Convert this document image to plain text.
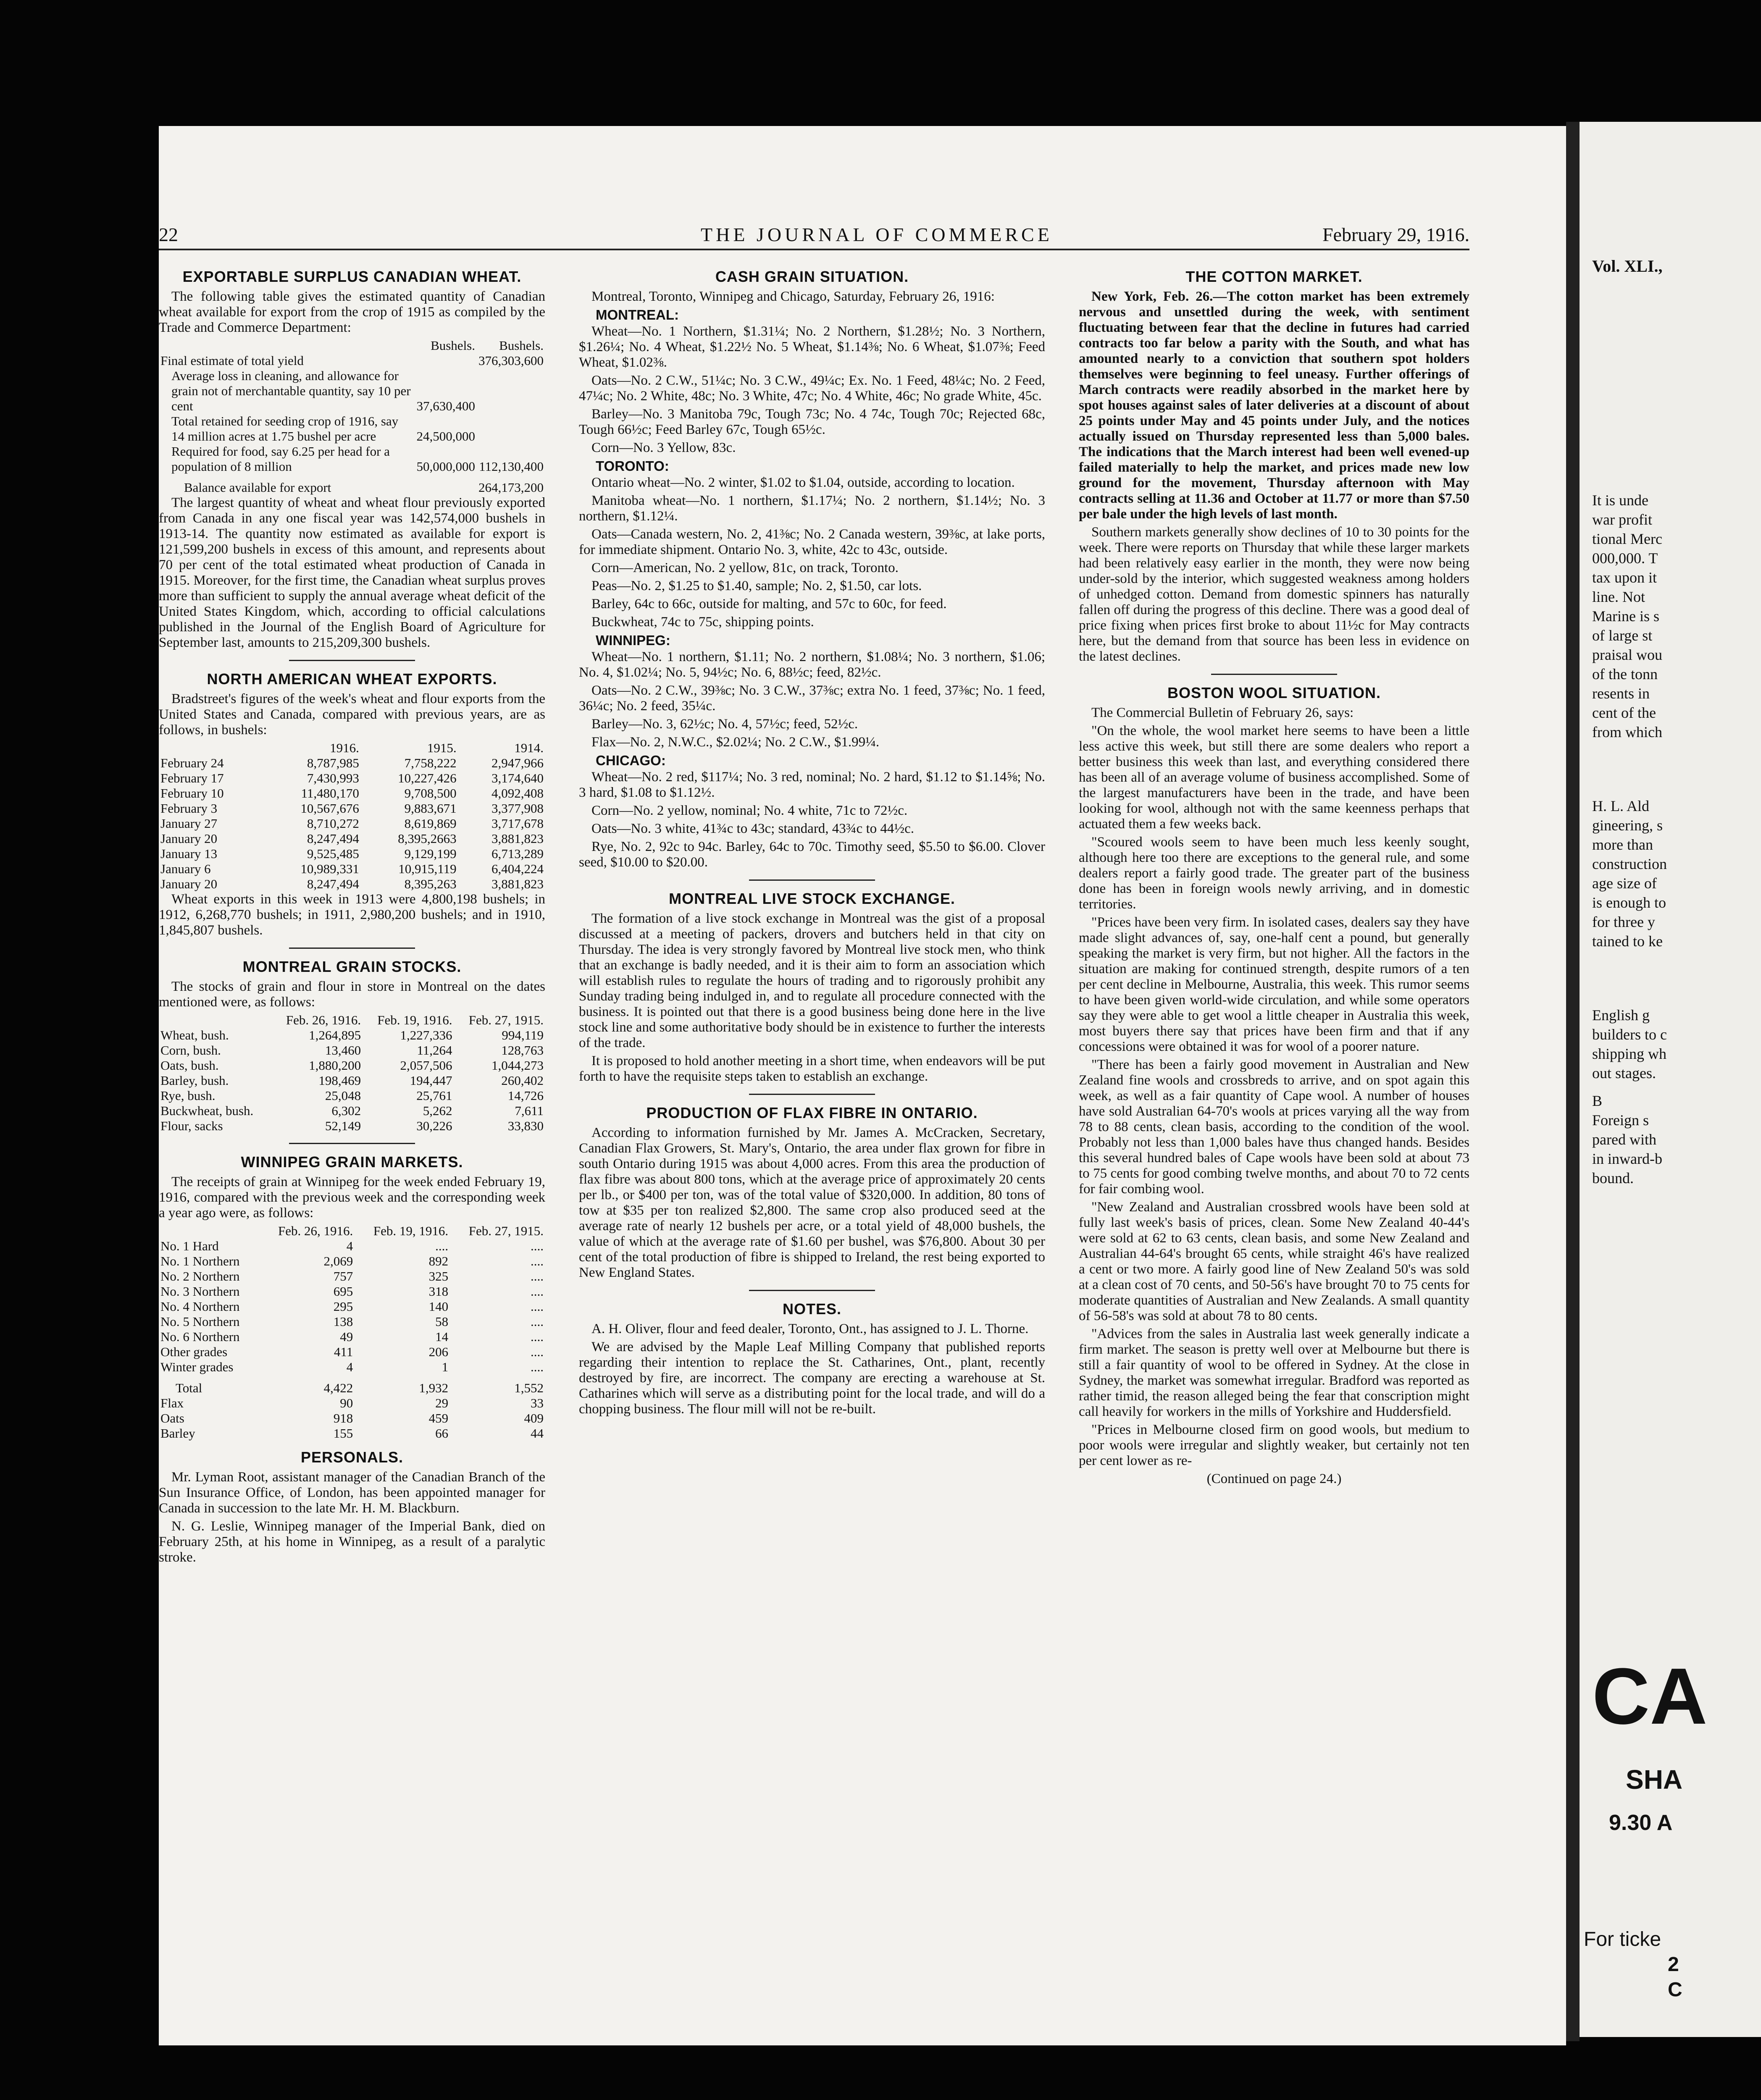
22	THE JOURNAL OF COMMERCE	February 29, 1916.
EXPORTABLE SURPLUS CANADIAN WHEAT.

The following table gives the estimated quantity of Canadian wheat available for export from the crop of 1915 as compiled by the Trade and Commerce Department:

	Bushels.	Bushels.
Final estimate of total yield		376,303,600
Average loss in cleaning, and allowance for grain not of merchantable quantity, say 10 per cent	37,630,400	
Total retained for seeding crop of 1916, say 14 million acres at 1.75 bushel per acre	24,500,000	
Required for food, say 6.25 per head for a population of 8 million	50,000,000	112,130,400
Balance available for export		264,173,200

The largest quantity of wheat and wheat flour previously exported from Canada in any one fiscal year was 142,574,000 bushels in 1913-14. The quantity now estimated as available for export is 121,599,200 bushels in excess of this amount, and represents about 70 per cent of the total estimated wheat production of Canada in 1915. Moreover, for the first time, the Canadian wheat surplus proves more than sufficient to supply the annual average wheat deficit of the United States Kingdom, which, according to official calculations published in the Journal of the English Board of Agriculture for September last, amounts to 215,209,300 bushels.

NORTH AMERICAN WHEAT EXPORTS.

Bradstreet's figures of the week's wheat and flour exports from the United States and Canada, compared with previous years, are as follows, in bushels:

	1916.	1915.	1914.
February 24	8,787,985	7,758,222	2,947,966
February 17	7,430,993	10,227,426	3,174,640
February 10	11,480,170	9,708,500	4,092,408
February 3	10,567,676	9,883,671	3,377,908
January 27	8,710,272	8,619,869	3,717,678
January 20	8,247,494	8,395,2663	3,881,823
January 13	9,525,485	9,129,199	6,713,289
January 6	10,989,331	10,915,119	6,404,224
January 20	8,247,494	8,395,263	3,881,823

Wheat exports in this week in 1913 were 4,800,198 bushels; in 1912, 6,268,770 bushels; in 1911, 2,980,200 bushels; and in 1910, 1,845,807 bushels.

MONTREAL GRAIN STOCKS.

The stocks of grain and flour in store in Montreal on the dates mentioned were, as follows:

	Feb. 26, 1916.	Feb. 19, 1916.	Feb. 27, 1915.
Wheat, bush.	1,264,895	1,227,336	994,119
Corn, bush.	13,460	11,264	128,763
Oats, bush.	1,880,200	2,057,506	1,044,273
Barley, bush.	198,469	194,447	260,402
Rye, bush.	25,048	25,761	14,726
Buckwheat, bush.	6,302	5,262	7,611
Flour, sacks	52,149	30,226	33,830
WINNIPEG GRAIN MARKETS.

The receipts of grain at Winnipeg for the week ended February 19, 1916, compared with the previous week and the corresponding week a year ago were, as follows:

	Feb. 26, 1916.	Feb. 19, 1916.	Feb. 27, 1915.
No. 1 Hard	4	....	....
No. 1 Northern	2,069	892	....
No. 2 Northern	757	325	....
No. 3 Northern	695	318	....
No. 4 Northern	295	140	....
No. 5 Northern	138	58	....
No. 6 Northern	49	14	....
Other grades	411	206	....
Winter grades	4	1	....
Total	4,422	1,932	1,552
Flax	90	29	33
Oats	918	459	409
Barley	155	66	44
PERSONALS.

Mr. Lyman Root, assistant manager of the Canadian Branch of the Sun Insurance Office, of London, has been appointed manager for Canada in succession to the late Mr. H. M. Blackburn.

N. G. Leslie, Winnipeg manager of the Imperial Bank, died on February 25th, at his home in Winnipeg, as a result of a paralytic stroke.

CASH GRAIN SITUATION.

Montreal, Toronto, Winnipeg and Chicago, Saturday, February 26, 1916:

MONTREAL:

Wheat—No. 1 Northern, $1.31¼; No. 2 Northern, $1.28½; No. 3 Northern, $1.26¼; No. 4 Wheat, $1.22½ No. 5 Wheat, $1.14⅜; No. 6 Wheat, $1.07⅜; Feed Wheat, $1.02⅜.

Oats—No. 2 C.W., 51¼c; No. 3 C.W., 49¼c; Ex. No. 1 Feed, 48¼c; No. 2 Feed, 47¼c; No. 2 White, 48c; No. 3 White, 47c; No. 4 White, 46c; No grade White, 45c.

Barley—No. 3 Manitoba 79c, Tough 73c; No. 4 74c, Tough 70c; Rejected 68c, Tough 66½c; Feed Barley 67c, Tough 65½c.

Corn—No. 3 Yellow, 83c.

TORONTO:

Ontario wheat—No. 2 winter, $1.02 to $1.04, outside, according to location.

Manitoba wheat—No. 1 northern, $1.17¼; No. 2 northern, $1.14½; No. 3 northern, $1.12¼.

Oats—Canada western, No. 2, 41⅜c; No. 2 Canada western, 39⅜c, at lake ports, for immediate shipment. Ontario No. 3, white, 42c to 43c, outside.

Corn—American, No. 2 yellow, 81c, on track, Toronto.

Peas—No. 2, $1.25 to $1.40, sample; No. 2, $1.50, car lots.

Barley, 64c to 66c, outside for malting, and 57c to 60c, for feed.

Buckwheat, 74c to 75c, shipping points.

WINNIPEG:

Wheat—No. 1 northern, $1.11; No. 2 northern, $1.08¼; No. 3 northern, $1.06; No. 4, $1.02¼; No. 5, 94½c; No. 6, 88½c; feed, 82½c.

Oats—No. 2 C.W., 39⅜c; No. 3 C.W., 37⅜c; extra No. 1 feed, 37⅜c; No. 1 feed, 36¼c; No. 2 feed, 35¼c.

Barley—No. 3, 62½c; No. 4, 57½c; feed, 52½c.

Flax—No. 2, N.W.C., $2.02¼; No. 2 C.W., $1.99¼.

CHICAGO:

Wheat—No. 2 red, $117¼; No. 3 red, nominal; No. 2 hard, $1.12 to $1.14⅝; No. 3 hard, $1.08 to $1.12½.

Corn—No. 2 yellow, nominal; No. 4 white, 71c to 72½c.

Oats—No. 3 white, 41¾c to 43c; standard, 43¾c to 44½c.

Rye, No. 2, 92c to 94c. Barley, 64c to 70c. Timothy seed, $5.50 to $6.00. Clover seed, $10.00 to $20.00.

MONTREAL LIVE STOCK EXCHANGE.

The formation of a live stock exchange in Montreal was the gist of a proposal discussed at a meeting of packers, drovers and butchers held in that city on Thursday. The idea is very strongly favored by Montreal live stock men, who think that an exchange is badly needed, and it is their aim to form an association which will establish rules to regulate the hours of trading and to rigorously prohibit any Sunday trading being indulged in, and to regulate all procedure connected with the business. It is pointed out that there is a good business being done here in the live stock line and some authoritative body should be in existence to further the interests of the trade.

It is proposed to hold another meeting in a short time, when endeavors will be put forth to have the requisite steps taken to establish an exchange.

PRODUCTION OF FLAX FIBRE IN ONTARIO.

According to information furnished by Mr. James A. McCracken, Secretary, Canadian Flax Growers, St. Mary's, Ontario, the area under flax grown for fibre in south Ontario during 1915 was about 4,000 acres. From this area the production of flax fibre was about 800 tons, which at the average price of approximately 20 cents per lb., or $400 per ton, was of the total value of $320,000. In addition, 80 tons of tow at $35 per ton realized $2,800. The same crop also produced seed at the average rate of nearly 12 bushels per acre, or a total yield of 48,000 bushels, the value of which at the average rate of $1.60 per bushel, was $76,800. About 30 per cent of the total production of fibre is shipped to Ireland, the rest being exported to New England States.

NOTES.

A. H. Oliver, flour and feed dealer, Toronto, Ont., has assigned to J. L. Thorne.

We are advised by the Maple Leaf Milling Company that published reports regarding their intention to replace the St. Catharines, Ont., plant, recently destroyed by fire, are incorrect. The company are erecting a warehouse at St. Catharines which will serve as a distributing point for the local trade, and will do a chopping business. The flour mill will not be re-built.

THE COTTON MARKET.

New York, Feb. 26.—The cotton market has been extremely nervous and unsettled during the week, with sentiment fluctuating between fear that the decline in futures had carried contracts too far below a parity with the South, and what has amounted nearly to a conviction that southern spot holders themselves were beginning to feel uneasy. Further offerings of March contracts were readily absorbed in the market here by spot houses against sales of later deliveries at a discount of about 25 points under May and 45 points under July, and the notices actually issued on Thursday represented less than 5,000 bales. The indications that the March interest had been well evened-up failed materially to help the market, and prices made new low ground for the movement, Thursday afternoon with May contracts selling at 11.36 and October at 11.77 or more than $7.50 per bale under the high levels of last month.

Southern markets generally show declines of 10 to 30 points for the week. There were reports on Thursday that while these larger markets had been relatively easy earlier in the month, they were now being under-sold by the interior, which suggested weakness among holders of unhedged cotton. Demand from domestic spinners has naturally fallen off during the progress of this decline. There was a good deal of price fixing when prices first broke to about 11½c for May contracts here, but the demand from that source has been less in evidence on the latest declines.

BOSTON WOOL SITUATION.

The Commercial Bulletin of February 26, says:

"On the whole, the wool market here seems to have been a little less active this week, but still there are some dealers who report a better business this week than last, and everything considered there has been all of an average volume of business accomplished. Some of the largest manufacturers have been in the trade, and have been looking for wool, although not with the same keenness perhaps that actuated them a few weeks back.

"Scoured wools seem to have been much less keenly sought, although here too there are exceptions to the general rule, and some dealers report a fairly good trade. The greater part of the business done has been in foreign wools newly arriving, and in domestic territories.

"Prices have been very firm. In isolated cases, dealers say they have made slight advances of, say, one-half cent a pound, but generally speaking the market is very firm, but not higher. All the factors in the situation are making for continued strength, despite rumors of a ten per cent decline in Melbourne, Australia, this week. This rumor seems to have been given world-wide circulation, and while some operators say they were able to get wool a little cheaper in Australia this week, most buyers there say that prices have been firm and that if any concessions were obtained it was for wool of a poorer nature.

"There has been a fairly good movement in Australian and New Zealand fine wools and crossbreds to arrive, and on spot again this week, as well as a fair quantity of Cape wool. A number of houses have sold Australian 64-70's wools at prices varying all the way from 78 to 88 cents, clean basis, according to the condition of the wool. Probably not less than 1,000 bales have thus changed hands. Besides this several hundred bales of Cape wools have been sold at about 73 to 75 cents for good combing twelve months, and about 70 to 72 cents for fair combing wool.

"New Zealand and Australian crossbred wools have been sold at fully last week's basis of prices, clean. Some New Zealand 40-44's were sold at 62 to 63 cents, clean basis, and some New Zealand and Australian 44-64's brought 65 cents, while straight 46's have realized a cent or two more. A fairly good line of New Zealand 50's was sold at a clean cost of 70 cents, and 50-56's have brought 70 to 75 cents for moderate quantities of Australian and New Zealands. A small quantity of 56-58's was sold at about 78 to 80 cents.

"Advices from the sales in Australia last week generally indicate a firm market. The season is pretty well over at Melbourne but there is still a fair quantity of wool to be offered in Sydney. At the close in Sydney, the market was somewhat irregular. Bradford was reported as rather timid, the reason alleged being the fear that conscription might call heavily for workers in the mills of Yorkshire and Huddersfield.

"Prices in Melbourne closed firm on good wools, but medium to poor wools were irregular and slightly weaker, but certainly not ten per cent lower as re-

(Continued on page 24.)
Vol. XLI.,
It is unde
war profit
tional Merc
000,000. T
tax upon it
line. Not
Marine is s
of large st
praisal wou
of the tonn
resents in
cent of the
from which
H. L. Ald
gineering, s
more than
construction
age size of
is enough to
for three y
tained to ke
English g
builders to c
shipping wh
out stages.
B
Foreign s
pared with
in inward-b
bound.
CA
SHA
9.30 A
For ticke
2
C
